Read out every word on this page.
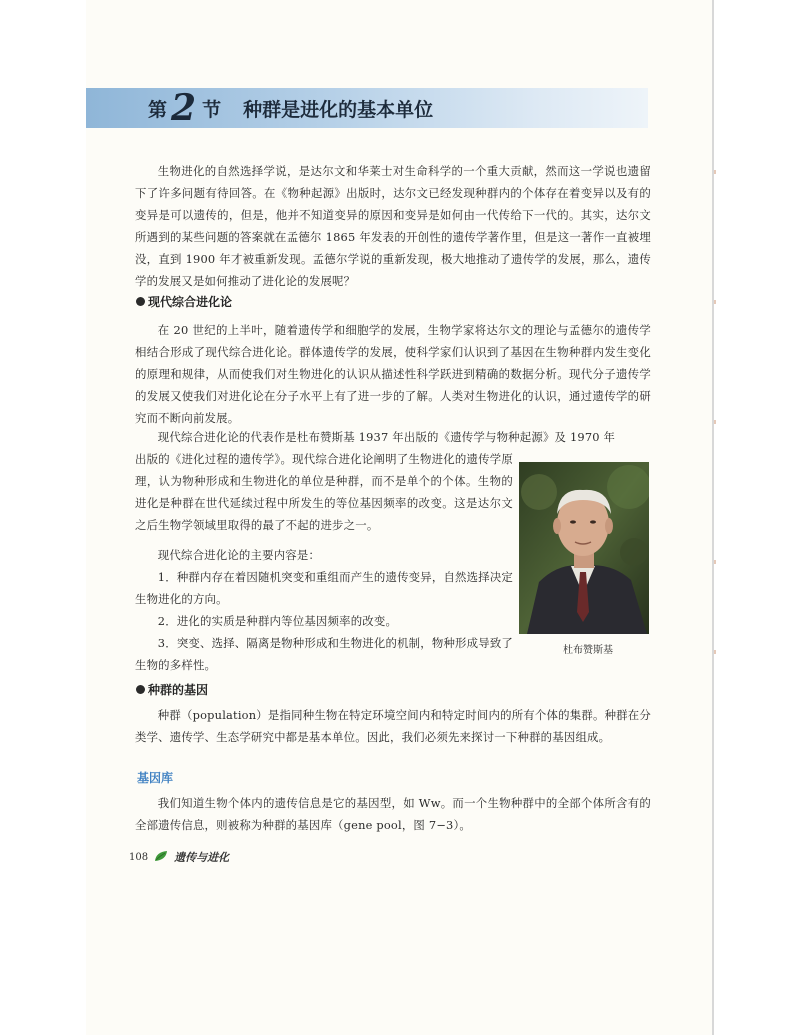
第 2 节 种群是进化的基本单位

生物进化的自然选择学说，是达尔文和华莱士对生命科学的一个重大贡献，然而这一学说也遗留下了许多问题有待回答。在《物种起源》出版时，达尔文已经发现种群内的个体存在着变异以及有的变异是可以遗传的，但是，他并不知道变异的原因和变异是如何由一代传给下一代的。其实，达尔文所遇到的某些问题的答案就在孟德尔 1865 年发表的开创性的遗传学著作里，但是这一著作一直被埋没，直到 1900 年才被重新发现。孟德尔学说的重新发现，极大地推动了遗传学的发展，那么，遗传学的发展又是如何推动了进化论的发展呢？

现代综合进化论

在 20 世纪的上半叶，随着遗传学和细胞学的发展，生物学家将达尔文的理论与孟德尔的遗传学相结合形成了现代综合进化论。群体遗传学的发展，使科学家们认识到了基因在生物种群内发生变化的原理和规律，从而使我们对生物进化的认识从描述性科学跃进到精确的数据分析。现代分子遗传学的发展又使我们对进化论在分子水平上有了进一步的了解。人类对生物进化的认识，通过遗传学的研究而不断向前发展。

现代综合进化论的代表作是杜布赞斯基 1937 年出版的《遗传学与物种起源》及 1970 年

出版的《进化过程的遗传学》。现代综合进化论阐明了生物进化的遗传学原理，认为物种形成和生物进化的单位是种群，而不是单个的个体。生物的进化是种群在世代延续过程中所发生的等位基因频率的改变。这是达尔文之后生物学领域里取得的最了不起的进步之一。

现代综合进化论的主要内容是：

1．种群内存在着因随机突变和重组而产生的遗传变异，自然选择决定生物进化的方向。

2．进化的实质是种群内等位基因频率的改变。

3．突变、选择、隔离是物种形成和生物进化的机制，物种形成导致了生物的多样性。

杜布赞斯基
种群的基因

种群（population）是指同种生物在特定环境空间内和特定时间内的所有个体的集群。种群在分类学、遗传学、生态学研究中都是基本单位。因此，我们必须先来探讨一下种群的基因组成。

基因库

我们知道生物个体内的遗传信息是它的基因型，如 Ww。而一个生物种群中的全部个体所含有的全部遗传信息，则被称为种群的基因库（gene pool，图 7−3）。

108 遗传与进化
